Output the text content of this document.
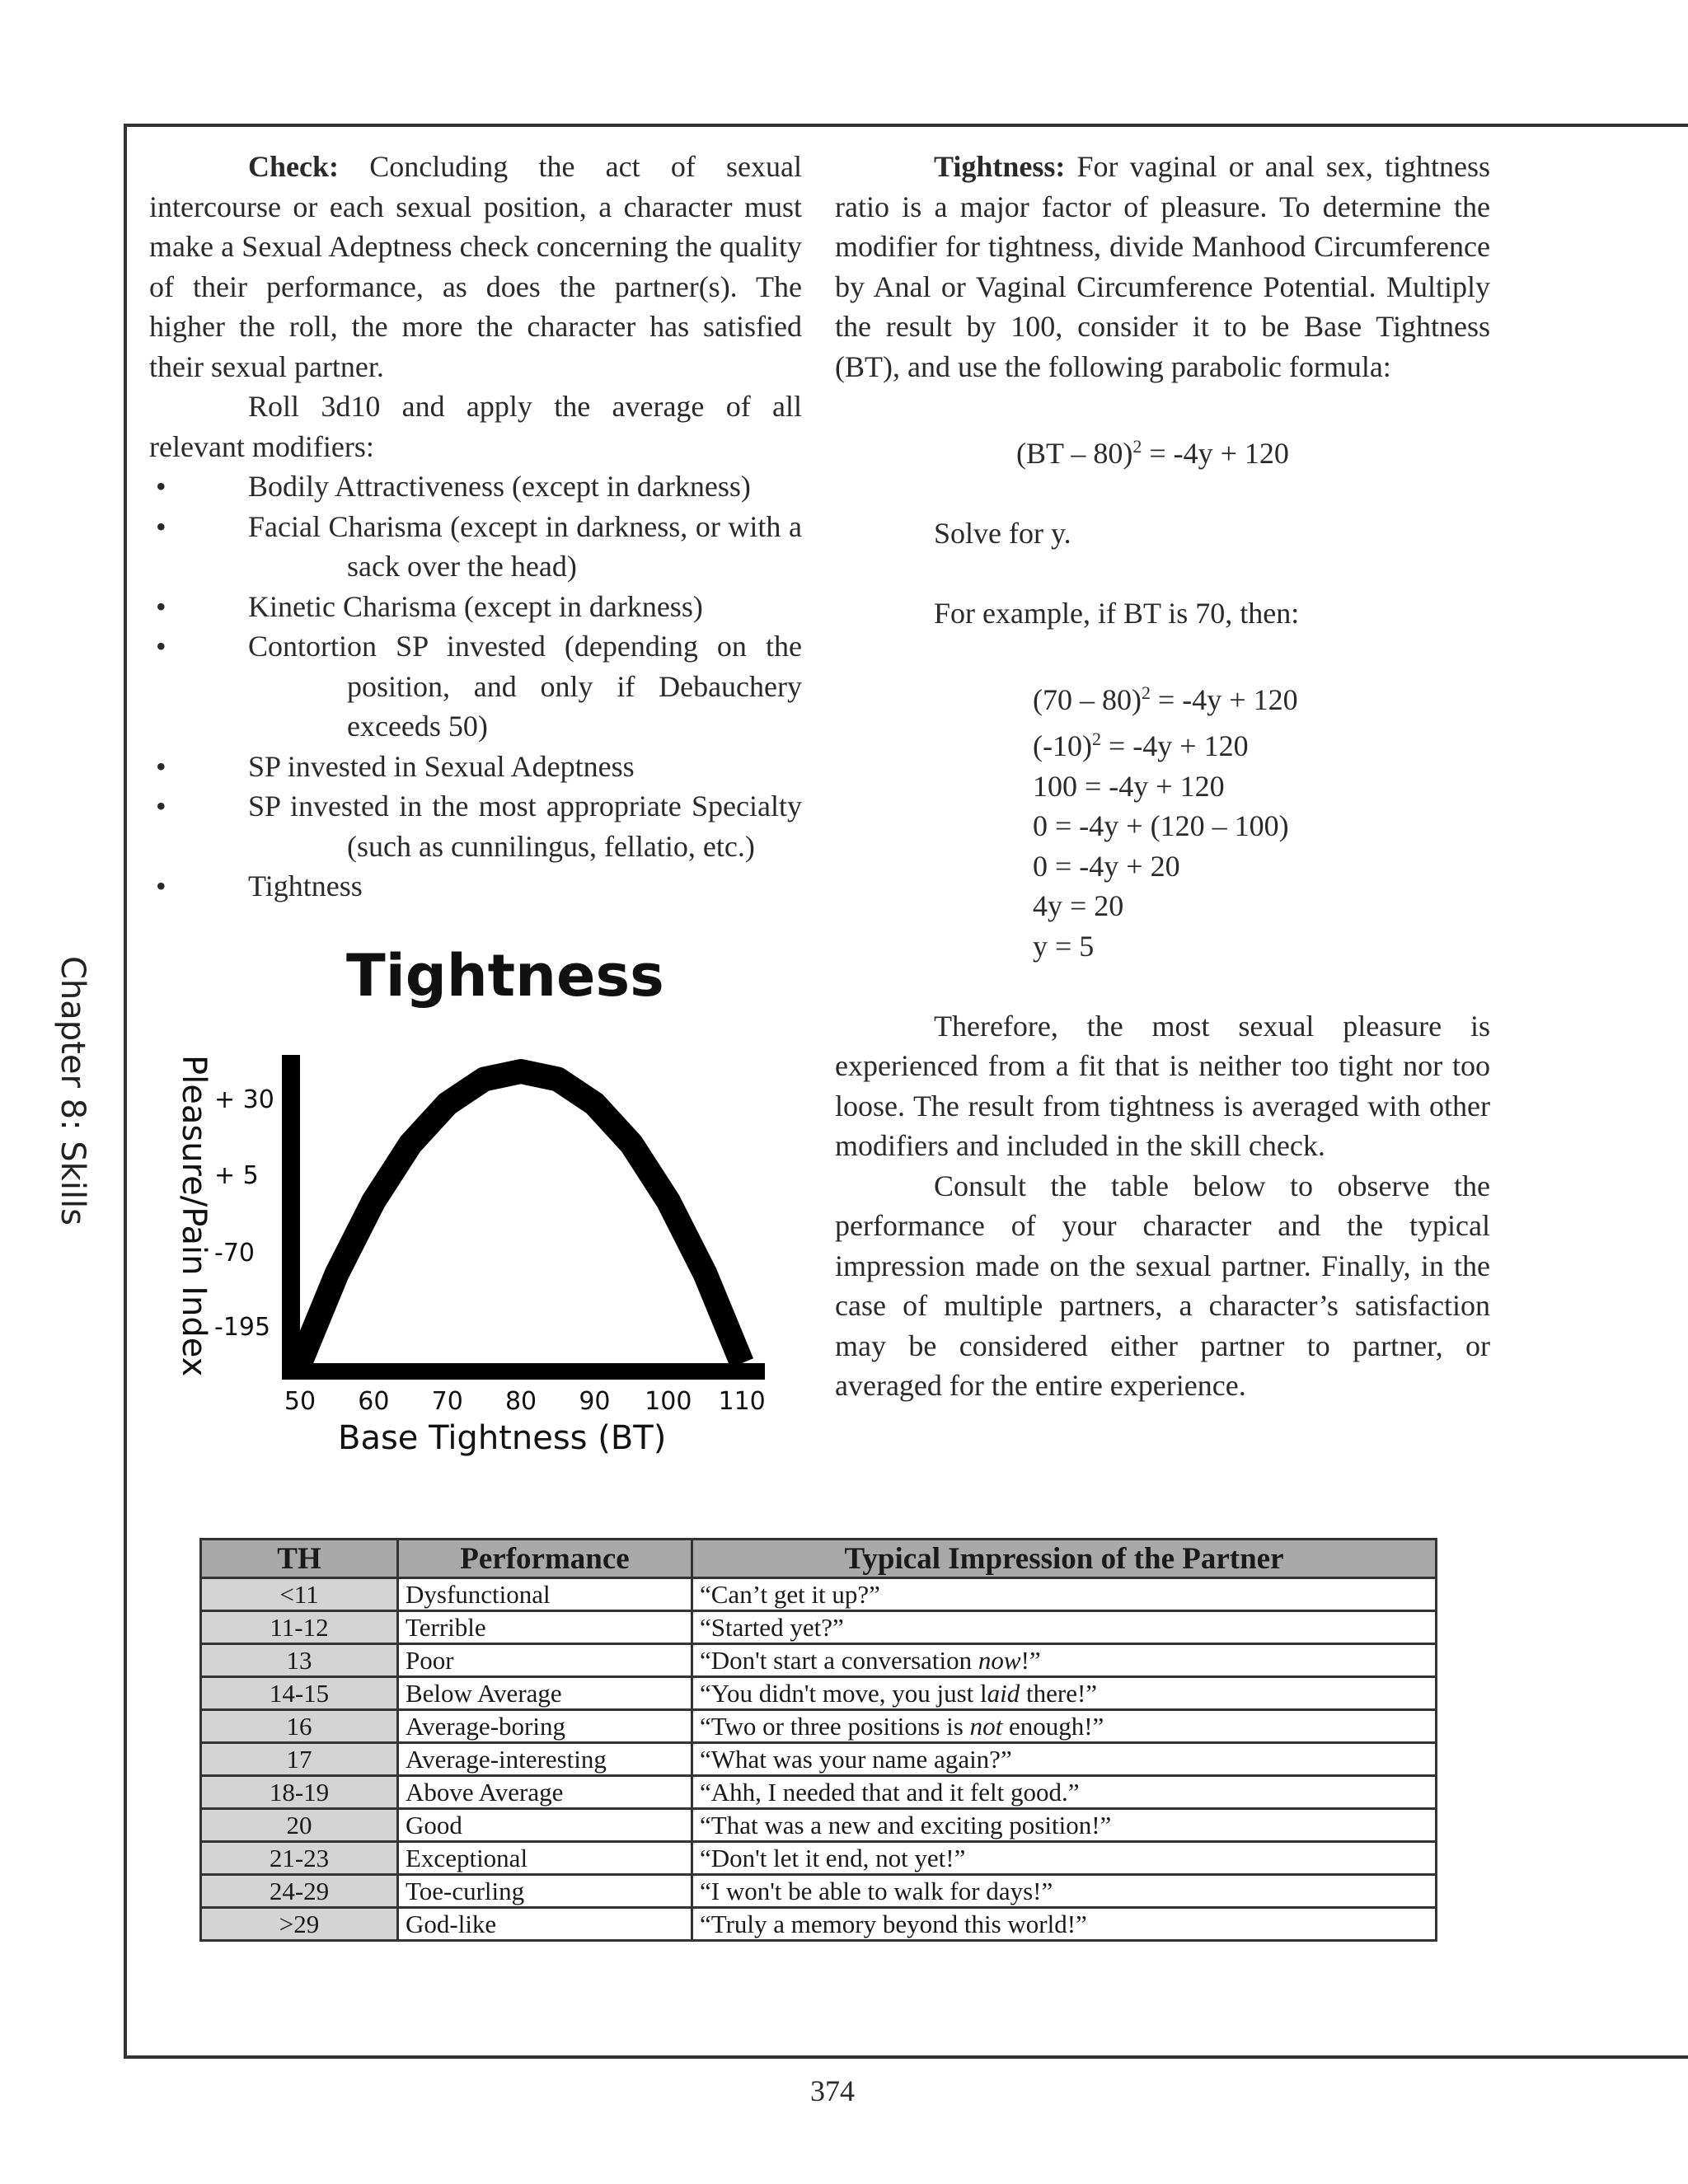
Chapter 8: Skills

Check: Concluding the act of sexual intercourse or each sexual position, a character must make a Sexual Adeptness check concerning the quality of their performance, as does the partner(s). The higher the roll, the more the character has satisfied their sexual partner.

Roll 3d10 and apply the average of all relevant modifiers:

•	Bodily Attractiveness (except in darkness)
•	Facial Charisma (except in darkness, or with a sack over the head)
•	Kinetic Charisma (except in darkness)
•	Contortion SP invested (depending on the position, and only if Debauchery exceeds 50)
•	SP invested in Sexual Adeptness
•	SP invested in the most appropriate Specialty (such as cunnilingus, fellatio, etc.)
•	Tightness
Tightness
Pleasure/Pain Index
Base Tightness (BT)
+ 30
+ 5
-70
-195
50 60 70 80 90 100 110

Tightness: For vaginal or anal sex, tightness ratio is a major factor of pleasure. To determine the modifier for tightness, divide Manhood Circumference by Anal or Vaginal Circumference Potential. Multiply the result by 100, consider it to be Base Tightness (BT), and use the following parabolic formula:

(BT – 80)$^2$ = -4y + 120

Solve for y.

For example, if BT is 70, then:

(70 – 80)$^2$ = -4y + 120
$(-10)^2 = -4y + 120$
100 = -4y + 120
0 = -4y + (120 – 100)
0 = -4y + 20
4y = 20
y = 5

Therefore, the most sexual pleasure is experienced from a fit that is neither too tight nor too loose. The result from tightness is averaged with other modifiers and included in the skill check.

Consult the table below to observe the performance of your character and the typical impression made on the sexual partner. Finally, in the case of multiple partners, a character’s satisfaction may be considered either partner to partner, or averaged for the entire experience.

TH	Performance	Typical Impression of the Partner
<11	Dysfunctional	“Can’t get it up?”
11-12	Terrible	“Started yet?”
13	Poor	“Don't start a conversation now!”
14-15	Below Average	“You didn't move, you just laid there!”
16	Average-boring	“Two or three positions is not enough!”
17	Average-interesting	“What was your name again?”
18-19	Above Average	“Ahh, I needed that and it felt good.”
20	Good	“That was a new and exciting position!”
21-23	Exceptional	“Don't let it end, not yet!”
24-29	Toe-curling	“I won't be able to walk for days!”
>29	God-like	“Truly a memory beyond this world!”
374
